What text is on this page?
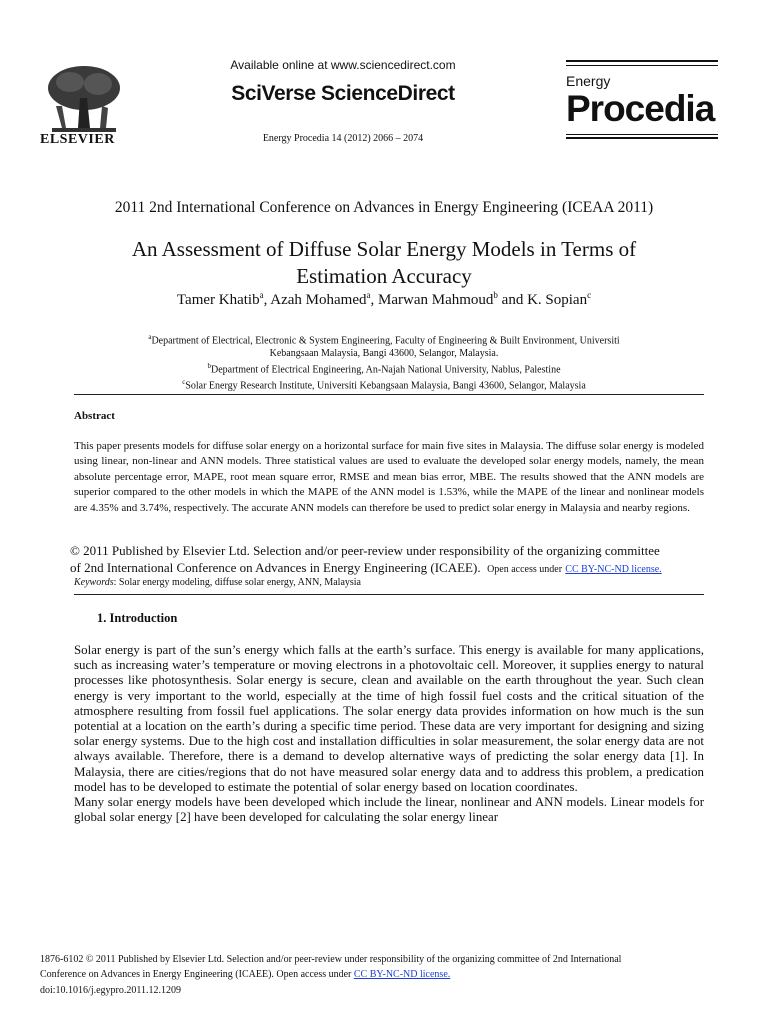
ELSEVIER
Available online at www.sciencedirect.com
SciVerse ScienceDirect
Energy Procedia 14 (2012) 2066 – 2074
Energy
Procedia
2011 2nd International Conference on Advances in Energy Engineering (ICEAA 2011)
An Assessment of Diffuse Solar Energy Models in Terms of
Estimation Accuracy
Tamer Khatib$^a$, Azah Mohamed$^a$, Marwan Mahmoud$^b$ and K. Sopian$^c$
$^a$Department of Electrical, Electronic & System Engineering, Faculty of Engineering & Built Environment, Universiti
Kebangsaan Malaysia, Bangi 43600, Selangor, Malaysia.
$^b$Department of Electrical Engineering, An-Najah National University, Nablus, Palestine
$^c$Solar Energy Research Institute, Universiti Kebangsaan Malaysia, Bangi 43600, Selangor, Malaysia
Abstract
This paper presents models for diffuse solar energy on a horizontal surface for main five sites in Malaysia. The diffuse solar energy is modeled using linear, non-linear and ANN models. Three statistical values are used to evaluate the developed solar energy models, namely, the mean absolute percentage error, MAPE, root mean square error, RMSE and mean bias error, MBE. The results showed that the ANN models are superior compared to the other models in which the MAPE of the ANN model is 1.53%, while the MAPE of the linear and nonlinear models are 4.35% and 3.74%, respectively. The accurate ANN models can therefore be used to predict solar energy in Malaysia and nearby regions.
© 2011 Published by Elsevier Ltd. Selection and/or peer-review under responsibility of the organizing committee
of 2nd International Conference on Advances in Energy Engineering (ICAEE). Open access under CC BY-NC-ND license.
Keywords: Solar energy modeling, diffuse solar energy, ANN, Malaysia
1. Introduction

Solar energy is part of the sun’s energy which falls at the earth’s surface. This energy is available for many applications, such as increasing water’s temperature or moving electrons in a photovoltaic cell. Moreover, it supplies energy to natural processes like photosynthesis. Solar energy is secure, clean and available on the earth throughout the year. Such clean energy is very important to the world, especially at the time of high fossil fuel costs and the critical situation of the atmosphere resulting from fossil fuel applications. The solar energy data provides information on how much is the sun potential at a location on the earth’s during a specific time period. These data are very important for designing and sizing solar energy systems. Due to the high cost and installation difficulties in solar measurement, the solar energy data are not always available. Therefore, there is a demand to develop alternative ways of predicting the solar energy data [1]. In Malaysia, there are cities/regions that do not have measured solar energy data and to address this problem, a predication model has to be developed to estimate the potential of solar energy based on location coordinates.

Many solar energy models have been developed which include the linear, nonlinear and ANN models. Linear models for global solar energy [2] have been developed for calculating the solar energy linear

1876-6102 © 2011 Published by Elsevier Ltd. Selection and/or peer-review under responsibility of the organizing committee of 2nd International
Conference on Advances in Energy Engineering (ICAEE). Open access under CC BY-NC-ND license.
doi:10.1016/j.egypro.2011.12.1209
